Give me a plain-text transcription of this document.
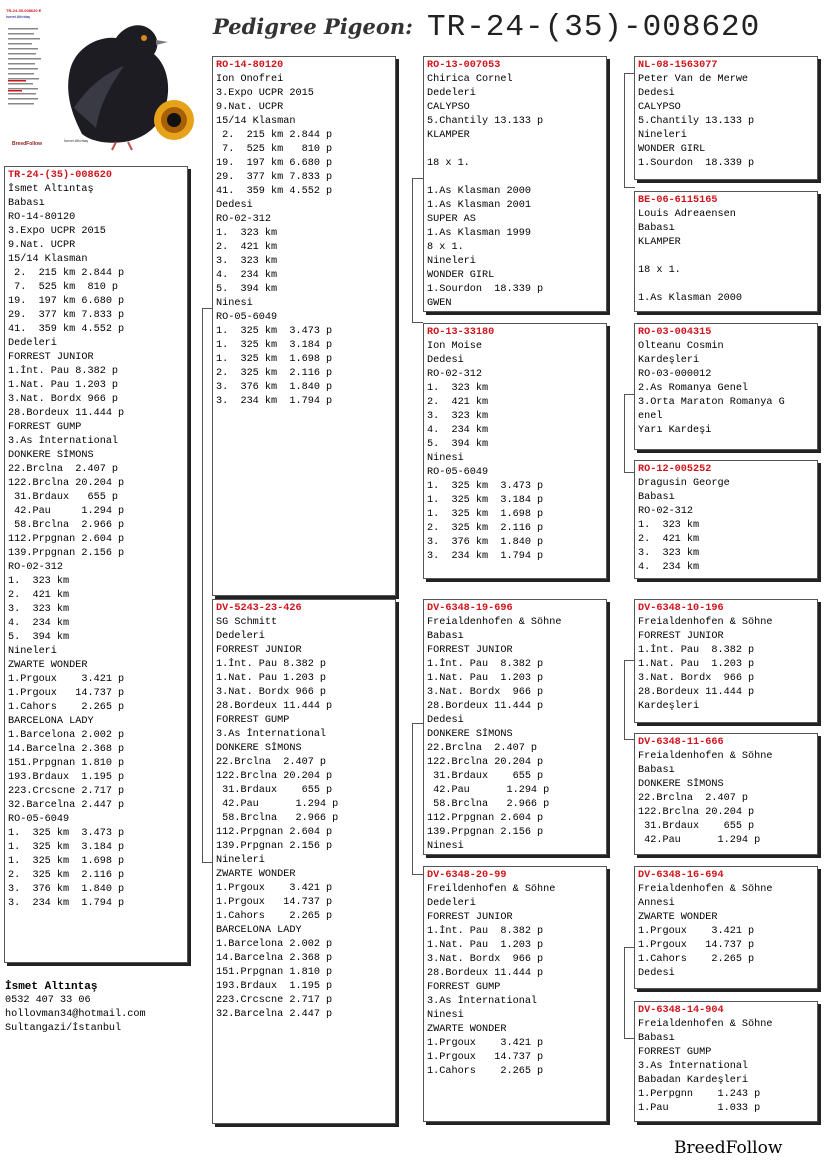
Pedigree Pigeon: TR-24-(35)-008620
TR-24-35-008620 E
İsmet Altıntaş
İsmet Altıntaş
BreedFollow
TR-24-(35)-008620
İsmet Altıntaş
Babası
RO-14-80120
3.Expo UCPR 2015
9.Nat. UCPR
15/14 Klasman
2.  215 km 2.844 p
7.  525 km  810 p
19.  197 km 6.680 p
29.  377 km 7.833 p
41.  359 km 4.552 p
Dedeleri
FORREST JUNIOR
1.İnt. Pau 8.382 p
1.Nat. Pau 1.203 p
3.Nat. Bordx 966 p
28.Bordeux 11.444 p
FORREST GUMP
3.As İnternational
DONKERE SİMONS
22.Brclna  2.407 p
122.Brclna 20.204 p
31.Brdaux   655 p
42.Pau     1.294 p
58.Brclna  2.966 p
112.Prpgnan 2.604 p
139.Prpgnan 2.156 p
RO-02-312
1.  323 km
2.  421 km
3.  323 km
4.  234 km
5.  394 km
Nineleri
ZWARTE WONDER
1.Prgoux    3.421 p
1.Prgoux   14.737 p
1.Cahors    2.265 p
BARCELONA LADY
1.Barcelona 2.002 p
14.Barcelna 2.368 p
151.Prpgnan 1.810 p
193.Brdaux  1.195 p
223.Crcscne 2.717 p
32.Barcelna 2.447 p
RO-05-6049
1.  325 km  3.473 p
1.  325 km  3.184 p
1.  325 km  1.698 p
2.  325 km  2.116 p
3.  376 km  1.840 p
3.  234 km  1.794 p
RO-14-80120
Ion Onofrei
3.Expo UCPR 2015
9.Nat. UCPR
15/14 Klasman
2.  215 km 2.844 p
7.  525 km   810 p
19.  197 km 6.680 p
29.  377 km 7.833 p
41.  359 km 4.552 p
Dedesi
RO-02-312
1.  323 km
2.  421 km
3.  323 km
4.  234 km
5.  394 km
Ninesi
RO-05-6049
1.  325 km  3.473 p
1.  325 km  3.184 p
1.  325 km  1.698 p
2.  325 km  2.116 p
3.  376 km  1.840 p
3.  234 km  1.794 p
DV-5243-23-426
SG Schmitt
Dedeleri
FORREST JUNIOR
1.İnt. Pau 8.382 p
1.Nat. Pau 1.203 p
3.Nat. Bordx 966 p
28.Bordeux 11.444 p
FORREST GUMP
3.As İnternational
DONKERE SİMONS
22.Brclna  2.407 p
122.Brclna 20.204 p
31.Brdaux    655 p
42.Pau      1.294 p
58.Brclna   2.966 p
112.Prpgnan 2.604 p
139.Prpgnan 2.156 p
Nineleri
ZWARTE WONDER
1.Prgoux    3.421 p
1.Prgoux   14.737 p
1.Cahors    2.265 p
BARCELONA LADY
1.Barcelona 2.002 p
14.Barcelna 2.368 p
151.Prpgnan 1.810 p
193.Brdaux  1.195 p
223.Crcscne 2.717 p
32.Barcelna 2.447 p
RO-13-007053
Chirica Cornel
Dedeleri
CALYPSO
5.Chantily 13.133 p
KLAMPER

18 x 1.

1.As Klasman 2000
1.As Klasman 2001
SUPER AS
1.As Klasman 1999
8 x 1.
Nineleri
WONDER GIRL
1.Sourdon  18.339 p
GWEN
RO-13-33180
Ion Moise
Dedesi
RO-02-312
1.  323 km
2.  421 km
3.  323 km
4.  234 km
5.  394 km
Ninesi
RO-05-6049
1.  325 km  3.473 p
1.  325 km  3.184 p
1.  325 km  1.698 p
2.  325 km  2.116 p
3.  376 km  1.840 p
3.  234 km  1.794 p
DV-6348-19-696
Freialdenhofen & Söhne
Babası
FORREST JUNIOR
1.İnt. Pau  8.382 p
1.Nat. Pau  1.203 p
3.Nat. Bordx  966 p
28.Bordeux 11.444 p
Dedesi
DONKERE SİMONS
22.Brclna  2.407 p
122.Brclna 20.204 p
31.Brdaux    655 p
42.Pau      1.294 p
58.Brclna   2.966 p
112.Prpgnan 2.604 p
139.Prpgnan 2.156 p
Ninesi
DV-6348-20-99
Freildenhofen & Söhne
Dedeleri
FORREST JUNIOR
1.İnt. Pau  8.382 p
1.Nat. Pau  1.203 p
3.Nat. Bordx  966 p
28.Bordeux 11.444 p
FORREST GUMP
3.As İnternational
Ninesi
ZWARTE WONDER
1.Prgoux    3.421 p
1.Prgoux   14.737 p
1.Cahors    2.265 p
NL-08-1563077
Peter Van de Merwe
Dedesi
CALYPSO
5.Chantily 13.133 p
Nineleri
WONDER GIRL
1.Sourdon  18.339 p
BE-06-6115165
Louis Adreaensen
Babası
KLAMPER

18 x 1.

1.As Klasman 2000
RO-03-004315
Olteanu Cosmin
Kardeşleri
RO-03-000012
2.As Romanya Genel
3.Orta Maraton Romanya G
enel
Yarı Kardeşi
RO-12-005252
Dragusin George
Babası
RO-02-312
1.  323 km
2.  421 km
3.  323 km
4.  234 km
DV-6348-10-196
Freialdenhofen & Söhne
FORREST JUNIOR
1.İnt. Pau  8.382 p
1.Nat. Pau  1.203 p
3.Nat. Bordx  966 p
28.Bordeux 11.444 p
Kardeşleri
DV-6348-11-666
Freialdenhofen & Söhne
Babası
DONKERE SİMONS
22.Brclna  2.407 p
122.Brclna 20.204 p
31.Brdaux    655 p
42.Pau      1.294 p
DV-6348-16-694
Freialdenhofen & Söhne
Annesi
ZWARTE WONDER
1.Prgoux    3.421 p
1.Prgoux   14.737 p
1.Cahors    2.265 p
Dedesi
DV-6348-14-904
Freialdenhofen & Söhne
Babası
FORREST GUMP
3.As İnternational
Babadan Kardeşleri
1.Perpgnn    1.243 p
1.Pau        1.033 p
İsmet Altıntaş
0532 407 33 06
hollovman34@hotmail.com
Sultangazi/İstanbul
BreedFollow
